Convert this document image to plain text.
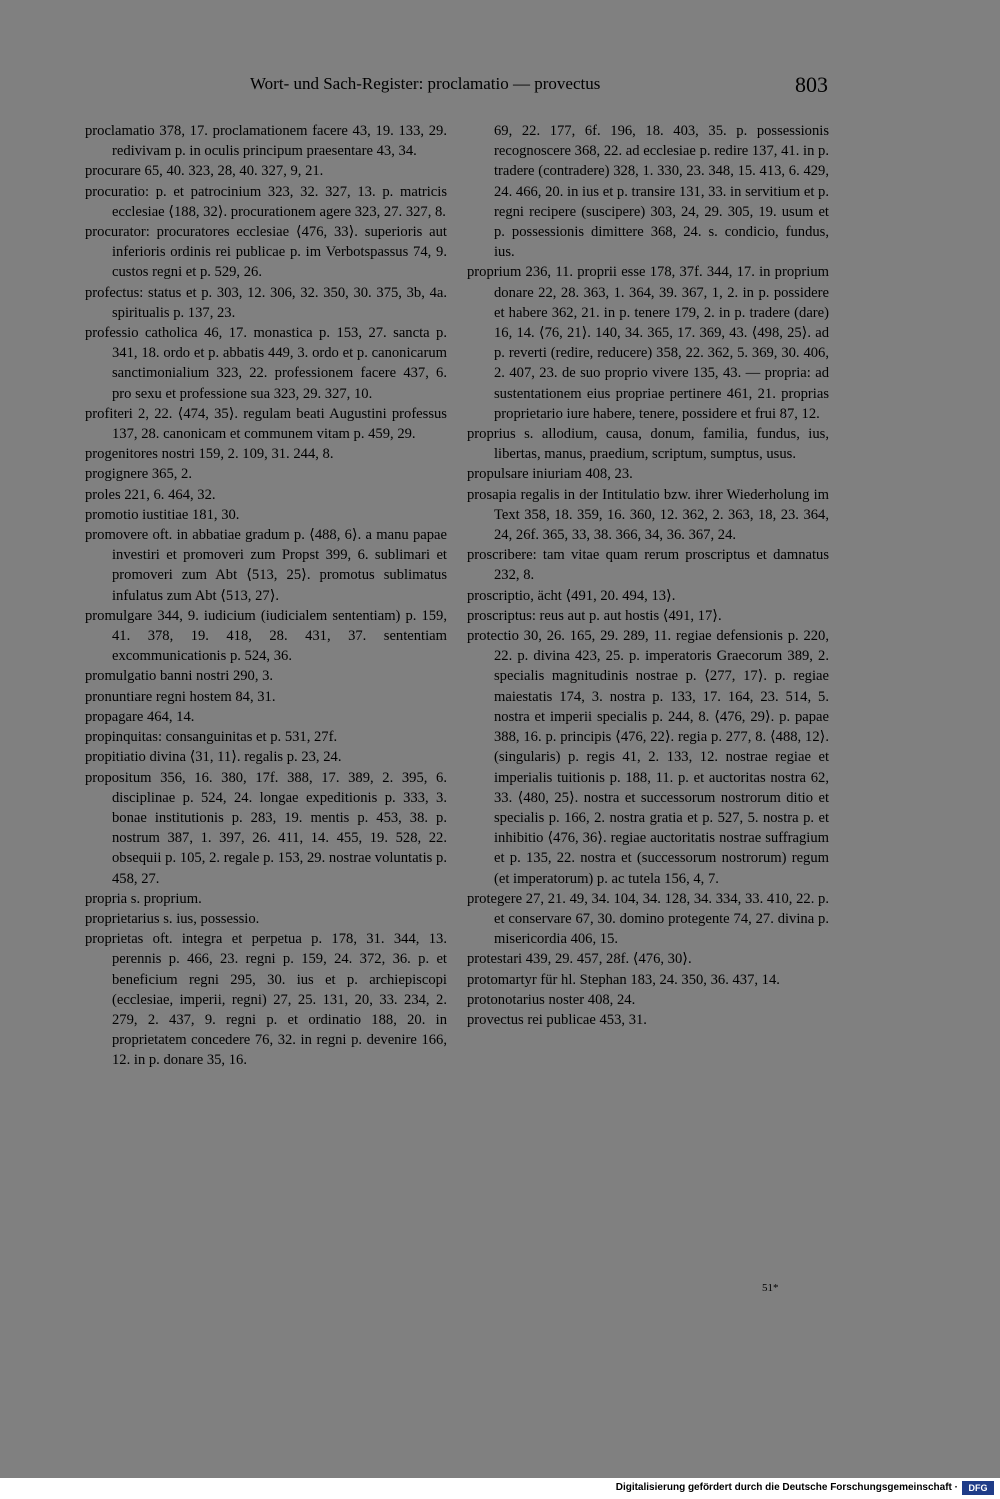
Wort- und Sach-Register: proclamatio — provectus	803

proclamatio 378, 17. proclamationem facere 43, 19. 133, 29. redivivam p. in oculis principum praesentare 43, 34.

procurare 65, 40. 323, 28, 40. 327, 9, 21.

procuratio: p. et patrocinium 323, 32. 327, 13. p. matricis ecclesiae ⟨188, 32⟩. procurationem agere 323, 27. 327, 8.

procurator: procuratores ecclesiae ⟨476, 33⟩. superioris aut inferioris ordinis rei publicae p. im Verbotspassus 74, 9. custos regni et p. 529, 26.

profectus: status et p. 303, 12. 306, 32. 350, 30. 375, 3b, 4a. spiritualis p. 137, 23.

professio catholica 46, 17. monastica p. 153, 27. sancta p. 341, 18. ordo et p. abbatis 449, 3. ordo et p. canonicarum sanctimonialium 323, 22. professionem facere 437, 6. pro sexu et professione sua 323, 29. 327, 10.

profiteri 2, 22. ⟨474, 35⟩. regulam beati Augustini professus 137, 28. canonicam et communem vitam p. 459, 29.

progenitores nostri 159, 2. 109, 31. 244, 8.

progignere 365, 2.

proles 221, 6. 464, 32.

promotio iustitiae 181, 30.

promovere oft. in abbatiae gradum p. ⟨488, 6⟩. a manu papae investiri et promoveri zum Propst 399, 6. sublimari et promoveri zum Abt ⟨513, 25⟩. promotus sublimatus infulatus zum Abt ⟨513, 27⟩.

promulgare 344, 9. iudicium (iudicialem sententiam) p. 159, 41. 378, 19. 418, 28. 431, 37. sententiam excommunicationis p. 524, 36.

promulgatio banni nostri 290, 3.

pronuntiare regni hostem 84, 31.

propagare 464, 14.

propinquitas: consanguinitas et p. 531, 27f.

propitiatio divina ⟨31, 11⟩. regalis p. 23, 24.

propositum 356, 16. 380, 17f. 388, 17. 389, 2. 395, 6. disciplinae p. 524, 24. longae expeditionis p. 333, 3. bonae institutionis p. 283, 19. mentis p. 453, 38. p. nostrum 387, 1. 397, 26. 411, 14. 455, 19. 528, 22. obsequii p. 105, 2. regale p. 153, 29. nostrae voluntatis p. 458, 27.

propria s. proprium.

proprietarius s. ius, possessio.

proprietas oft. integra et perpetua p. 178, 31. 344, 13. perennis p. 466, 23. regni p. 159, 24. 372, 36. p. et beneficium regni 295, 30. ius et p. archiepiscopi (ecclesiae, imperii, regni) 27, 25. 131, 20, 33. 234, 2. 279, 2. 437, 9. regni p. et ordinatio 188, 20. in proprietatem concedere 76, 32. in regni p. devenire 166, 12. in p. donare 35, 16.

69, 22. 177, 6f. 196, 18. 403, 35. p. possessionis recognoscere 368, 22. ad ecclesiae p. redire 137, 41. in p. tradere (contradere) 328, 1. 330, 23. 348, 15. 413, 6. 429, 24. 466, 20. in ius et p. transire 131, 33. in servitium et p. regni recipere (suscipere) 303, 24, 29. 305, 19. usum et p. possessionis dimittere 368, 24. s. condicio, fundus, ius.

proprium 236, 11. proprii esse 178, 37f. 344, 17. in proprium donare 22, 28. 363, 1. 364, 39. 367, 1, 2. in p. possidere et habere 362, 21. in p. tenere 179, 2. in p. tradere (dare) 16, 14. ⟨76, 21⟩. 140, 34. 365, 17. 369, 43. ⟨498, 25⟩. ad p. reverti (redire, reducere) 358, 22. 362, 5. 369, 30. 406, 2. 407, 23. de suo proprio vivere 135, 43. — propria: ad sustentationem eius propriae pertinere 461, 21. proprias proprietario iure habere, tenere, possidere et frui 87, 12.

proprius s. allodium, causa, donum, familia, fundus, ius, libertas, manus, praedium, scriptum, sumptus, usus.

propulsare iniuriam 408, 23.

prosapia regalis in der Intitulatio bzw. ihrer Wiederholung im Text 358, 18. 359, 16. 360, 12. 362, 2. 363, 18, 23. 364, 24, 26f. 365, 33, 38. 366, 34, 36. 367, 24.

proscribere: tam vitae quam rerum proscriptus et damnatus 232, 8.

proscriptio, ächt ⟨491, 20. 494, 13⟩.

proscriptus: reus aut p. aut hostis ⟨491, 17⟩.

protectio 30, 26. 165, 29. 289, 11. regiae defensionis p. 220, 22. p. divina 423, 25. p. imperatoris Graecorum 389, 2. specialis magnitudinis nostrae p. ⟨277, 17⟩. p. regiae maiestatis 174, 3. nostra p. 133, 17. 164, 23. 514, 5. nostra et imperii specialis p. 244, 8. ⟨476, 29⟩. p. papae 388, 16. p. principis ⟨476, 22⟩. regia p. 277, 8. ⟨488, 12⟩. (singularis) p. regis 41, 2. 133, 12. nostrae regiae et imperialis tuitionis p. 188, 11. p. et auctoritas nostra 62, 33. ⟨480, 25⟩. nostra et successorum nostrorum ditio et specialis p. 166, 2. nostra gratia et p. 527, 5. nostra p. et inhibitio ⟨476, 36⟩. regiae auctoritatis nostrae suffragium et p. 135, 22. nostra et (successorum nostrorum) regum (et imperatorum) p. ac tutela 156, 4, 7.

protegere 27, 21. 49, 34. 104, 34. 128, 34. 334, 33. 410, 22. p. et conservare 67, 30. domino protegente 74, 27. divina p. misericordia 406, 15.

protestari 439, 29. 457, 28f. ⟨476, 30⟩.

protomartyr für hl. Stephan 183, 24. 350, 36. 437, 14.

protonotarius noster 408, 24.

provectus rei publicae 453, 31.

51*
Digitalisierung gefördert durch die Deutsche Forschungsgemeinschaft ·	DFG
